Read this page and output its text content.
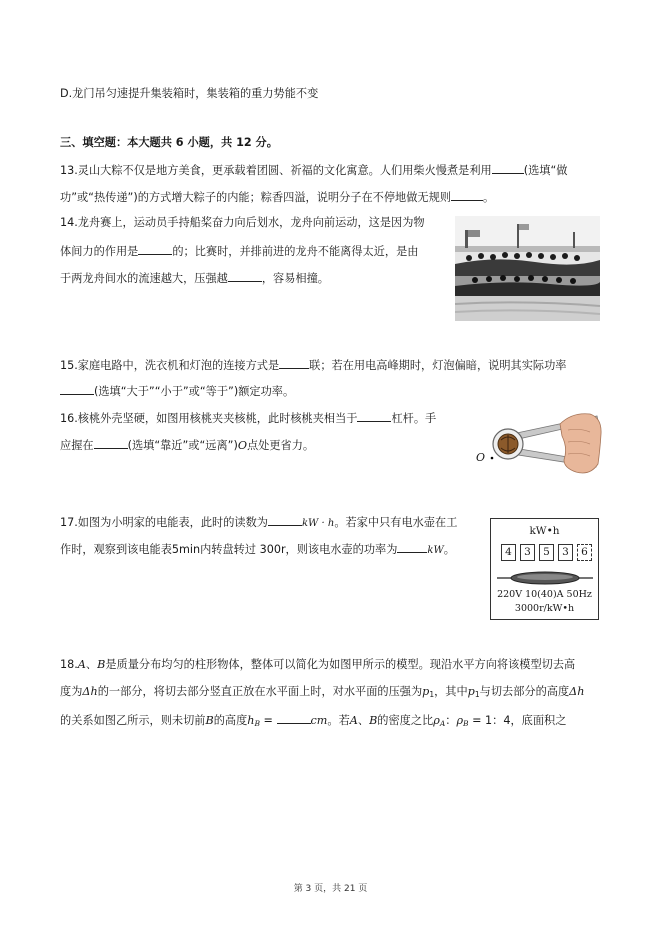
D.龙门吊匀速提升集装箱时，集装箱的重力势能不变
三、填空题：本大题共 6 小题，共 12 分。
13.灵山大粽不仅是地方美食，更承载着团圆、祈福的文化寓意。人们用柴火慢煮是利用	(选填“做
功”或“热传递”)的方式增大粽子的内能；粽香四溢，说明分子在不停地做无规则	。
14.龙舟赛上，运动员手持船桨奋力向后划水，龙舟向前运动，这是因为物
体间力的作用是	的；比赛时，并排前进的龙舟不能离得太近，是由
于两龙舟间水的流速越大，压强越	，容易相撞。
15.家庭电路中，洗衣机和灯泡的连接方式是	联；若在用电高峰期时，灯泡偏暗，说明其实际功率
(选填“大于”“小于”或“等于”)额定功率。
16.核桃外壳坚硬，如图用核桃夹夹核桃，此时核桃夹相当于	杠杆。手
应握在	(选填“靠近”或“远离”)O点处更省力。
O
17.如图为小明家的电能表，此时的读数为	kW · h。若家中只有电水壶在工
作时，观察到该电能表5min内转盘转过 300r，则该电水壶的功率为	kW。
kW•h
4	3	5	3	6
220V 10(40)A 50Hz
3000r/kW•h
18.A、B是质量分布均匀的柱形物体，整体可以简化为如图甲所示的模型。现沿水平方向将该模型切去高
度为Δh的一部分，将切去部分竖直正放在水平面上时，对水平面的压强为$p_1$，其中$p_1$与切去部分的高度Δh
的关系如图乙所示，则未切前B的高度$h_B$ =	cm。若A、B的密度之比$\rho_A$：$\rho_B = 1$：4，底面积之
第 3 页，共 21 页
